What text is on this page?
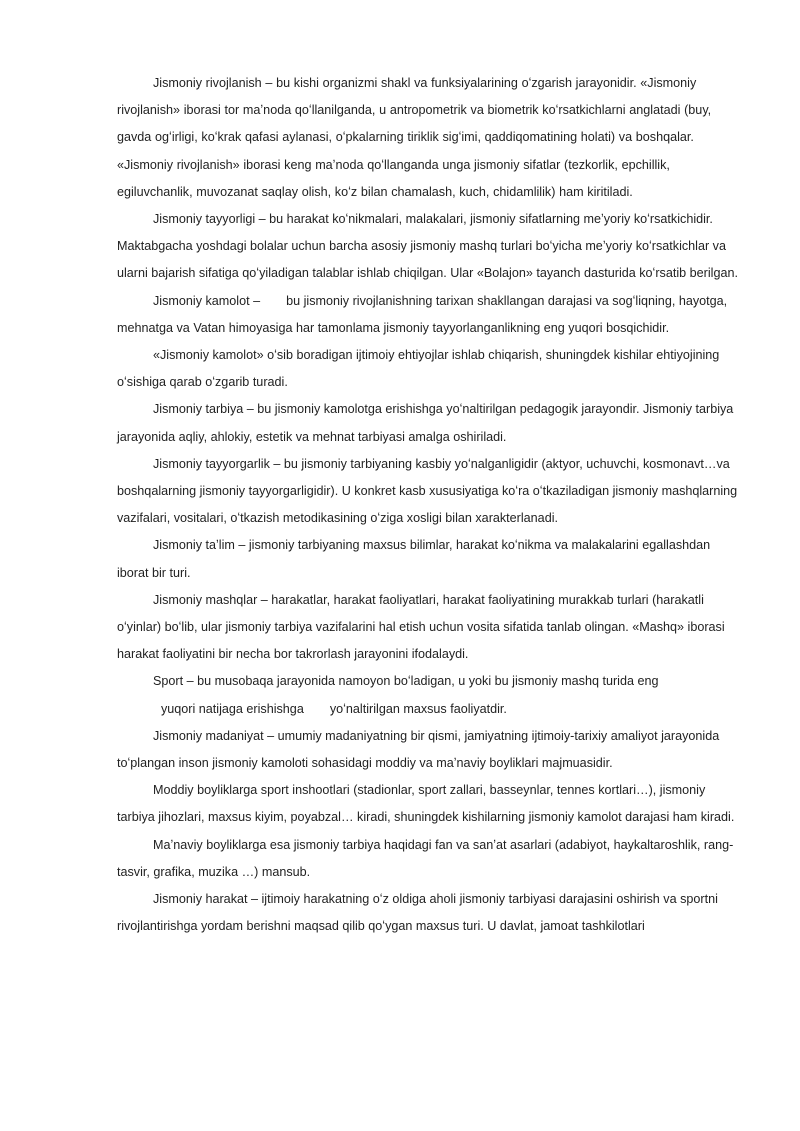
Jismoniy rivojlanish – bu kishi organizmi shakl va funksiyalarining oʻzgarish jarayonidir. «Jismoniy rivojlanish» iborasi tor maʼnoda qoʻllanilganda, u antropometrik va biometrik koʻrsatkichlarni anglatadi (buy, gavda ogʻirligi, koʻkrak qafasi aylanasi, oʻpkalarning tiriklik sigʻimi, qaddiqomatining holati) va boshqalar. «Jismoniy rivojlanish» iborasi keng maʼnoda qoʻllanganda unga jismoniy sifatlar (tezkorlik, epchillik, egiluvchanlik, muvozanat saqlay olish, koʻz bilan chamalash, kuch, chidamlilik) ham kiritiladi.

Jismoniy tayyorligi – bu harakat koʻnikmalari, malakalari, jismoniy sifatlarning meʼyoriy koʻrsatkichidir. Maktabgacha yoshdagi bolalar uchun barcha asosiy jismoniy mashq turlari boʻyicha meʼyoriy koʻrsatkichlar va ularni bajarish sifatiga qoʻyiladigan talablar ishlab chiqilgan. Ular «Bolajon» tayanch dasturida koʻrsatib berilgan.

Jismoniy kamolot – bu jismoniy rivojlanishning tarixan shakllangan darajasi va sogʻliqning, hayotga, mehnatga va Vatan himoyasiga har tamonlama jismoniy tayyorlanganlikning eng yuqori bosqichidir.

«Jismoniy kamolot» oʻsib boradigan ijtimoiy ehtiyojlar ishlab chiqarish, shuningdek kishilar ehtiyojining oʻsishiga qarab oʻzgarib turadi.

Jismoniy tarbiya – bu jismoniy kamolotga erishishga yoʻnaltirilgan pedagogik jarayondir. Jismoniy tarbiya jarayonida aqliy, ahlokiy, estetik va mehnat tarbiyasi amalga oshiriladi.

Jismoniy tayyorgarlik – bu jismoniy tarbiyaning kasbiy yoʻnalganligidir (aktyor, uchuvchi, kosmonavt…va boshqalarning jismoniy tayyorgarligidir). U konkret kasb xususiyatiga koʻra oʻtkaziladigan jismoniy mashqlarning vazifalari, vositalari, oʻtkazish metodikasining oʻziga xosligi bilan xarakterlanadi.

Jismoniy taʼlim – jismoniy tarbiyaning maxsus bilimlar, harakat koʻnikma va malakalarini egallashdan iborat bir turi.

Jismoniy mashqlar – harakatlar, harakat faoliyatlari, harakat faoliyatining murakkab turlari (harakatli oʻyinlar) boʻlib, ular jismoniy tarbiya vazifalarini hal etish uchun vosita sifatida tanlab olingan. «Mashq» iborasi harakat faoliyatini bir necha bor takrorlash jarayonini ifodalaydi.

Sport – bu musobaqa jarayonida namoyon boʻladigan, u yoki bu jismoniy mashq turida eng
yuqori natijaga erishishga yoʻnaltirilgan maxsus faoliyatdir.

Jismoniy madaniyat – umumiy madaniyatning bir qismi, jamiyatning ijtimoiy-tarixiy amaliyot jarayonida toʻplangan inson jismoniy kamoloti sohasidagi moddiy va maʼnaviy boyliklari majmuasidir.

Moddiy boyliklarga sport inshootlari (stadionlar, sport zallari, basseynlar, tennes kortlari…), jismoniy tarbiya jihozlari, maxsus kiyim, poyabzal… kiradi, shuningdek kishilarning jismoniy kamolot darajasi ham kiradi.

Maʼnaviy boyliklarga esa jismoniy tarbiya haqidagi fan va sanʼat asarlari (adabiyot, haykaltaroshlik, rang-tasvir, grafika, muzika …) mansub.

Jismoniy harakat – ijtimoiy harakatning oʻz oldiga aholi jismoniy tarbiyasi darajasini oshirish va sportni rivojlantirishga yordam berishni maqsad qilib qoʻygan maxsus turi. U davlat, jamoat tashkilotlari
